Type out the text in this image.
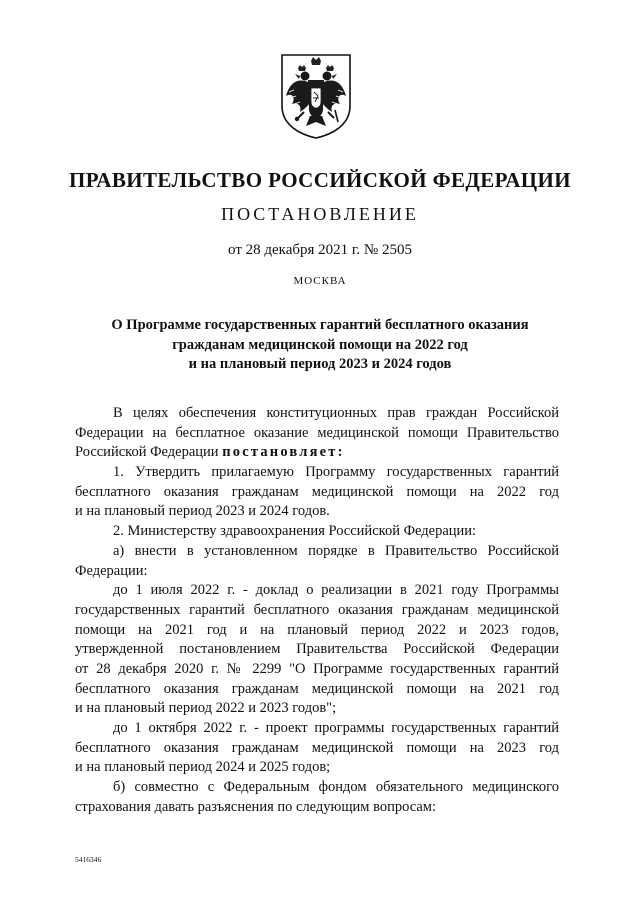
ПРАВИТЕЛЬСТВО РОССИЙСКОЙ ФЕДЕРАЦИИ
ПОСТАНОВЛЕНИЕ
от 28 декабря 2021 г. № 2505
МОСКВА
О Программе государственных гарантий бесплатного оказания
гражданам медицинской помощи на 2022 год
и на плановый период 2023 и 2024 годов
В целях обеспечения конституционных прав граждан Российской
Федерации на бесплатное оказание медицинской помощи Правительство
Российской Федерации постановляет:
1. Утвердить прилагаемую Программу государственных гарантий
бесплатного оказания гражданам медицинской помощи на 2022 год
и на плановый период 2023 и 2024 годов.
2. Министерству здравоохранения Российской Федерации:
а) внести в установленном порядке в Правительство Российской
Федерации:
до 1 июля 2022 г. - доклад о реализации в 2021 году Программы
государственных гарантий бесплатного оказания гражданам медицинской
помощи на 2021 год и на плановый период 2022 и 2023 годов,
утвержденной постановлением Правительства Российской Федерации
от 28 декабря 2020 г. № 2299 "О Программе государственных гарантий
бесплатного оказания гражданам медицинской помощи на 2021 год
и на плановый период 2022 и 2023 годов";
до 1 октября 2022 г. - проект программы государственных гарантий
бесплатного оказания гражданам медицинской помощи на 2023 год
и на плановый период 2024 и 2025 годов;
б) совместно с Федеральным фондом обязательного медицинского
страхования давать разъяснения по следующим вопросам:
5416346
